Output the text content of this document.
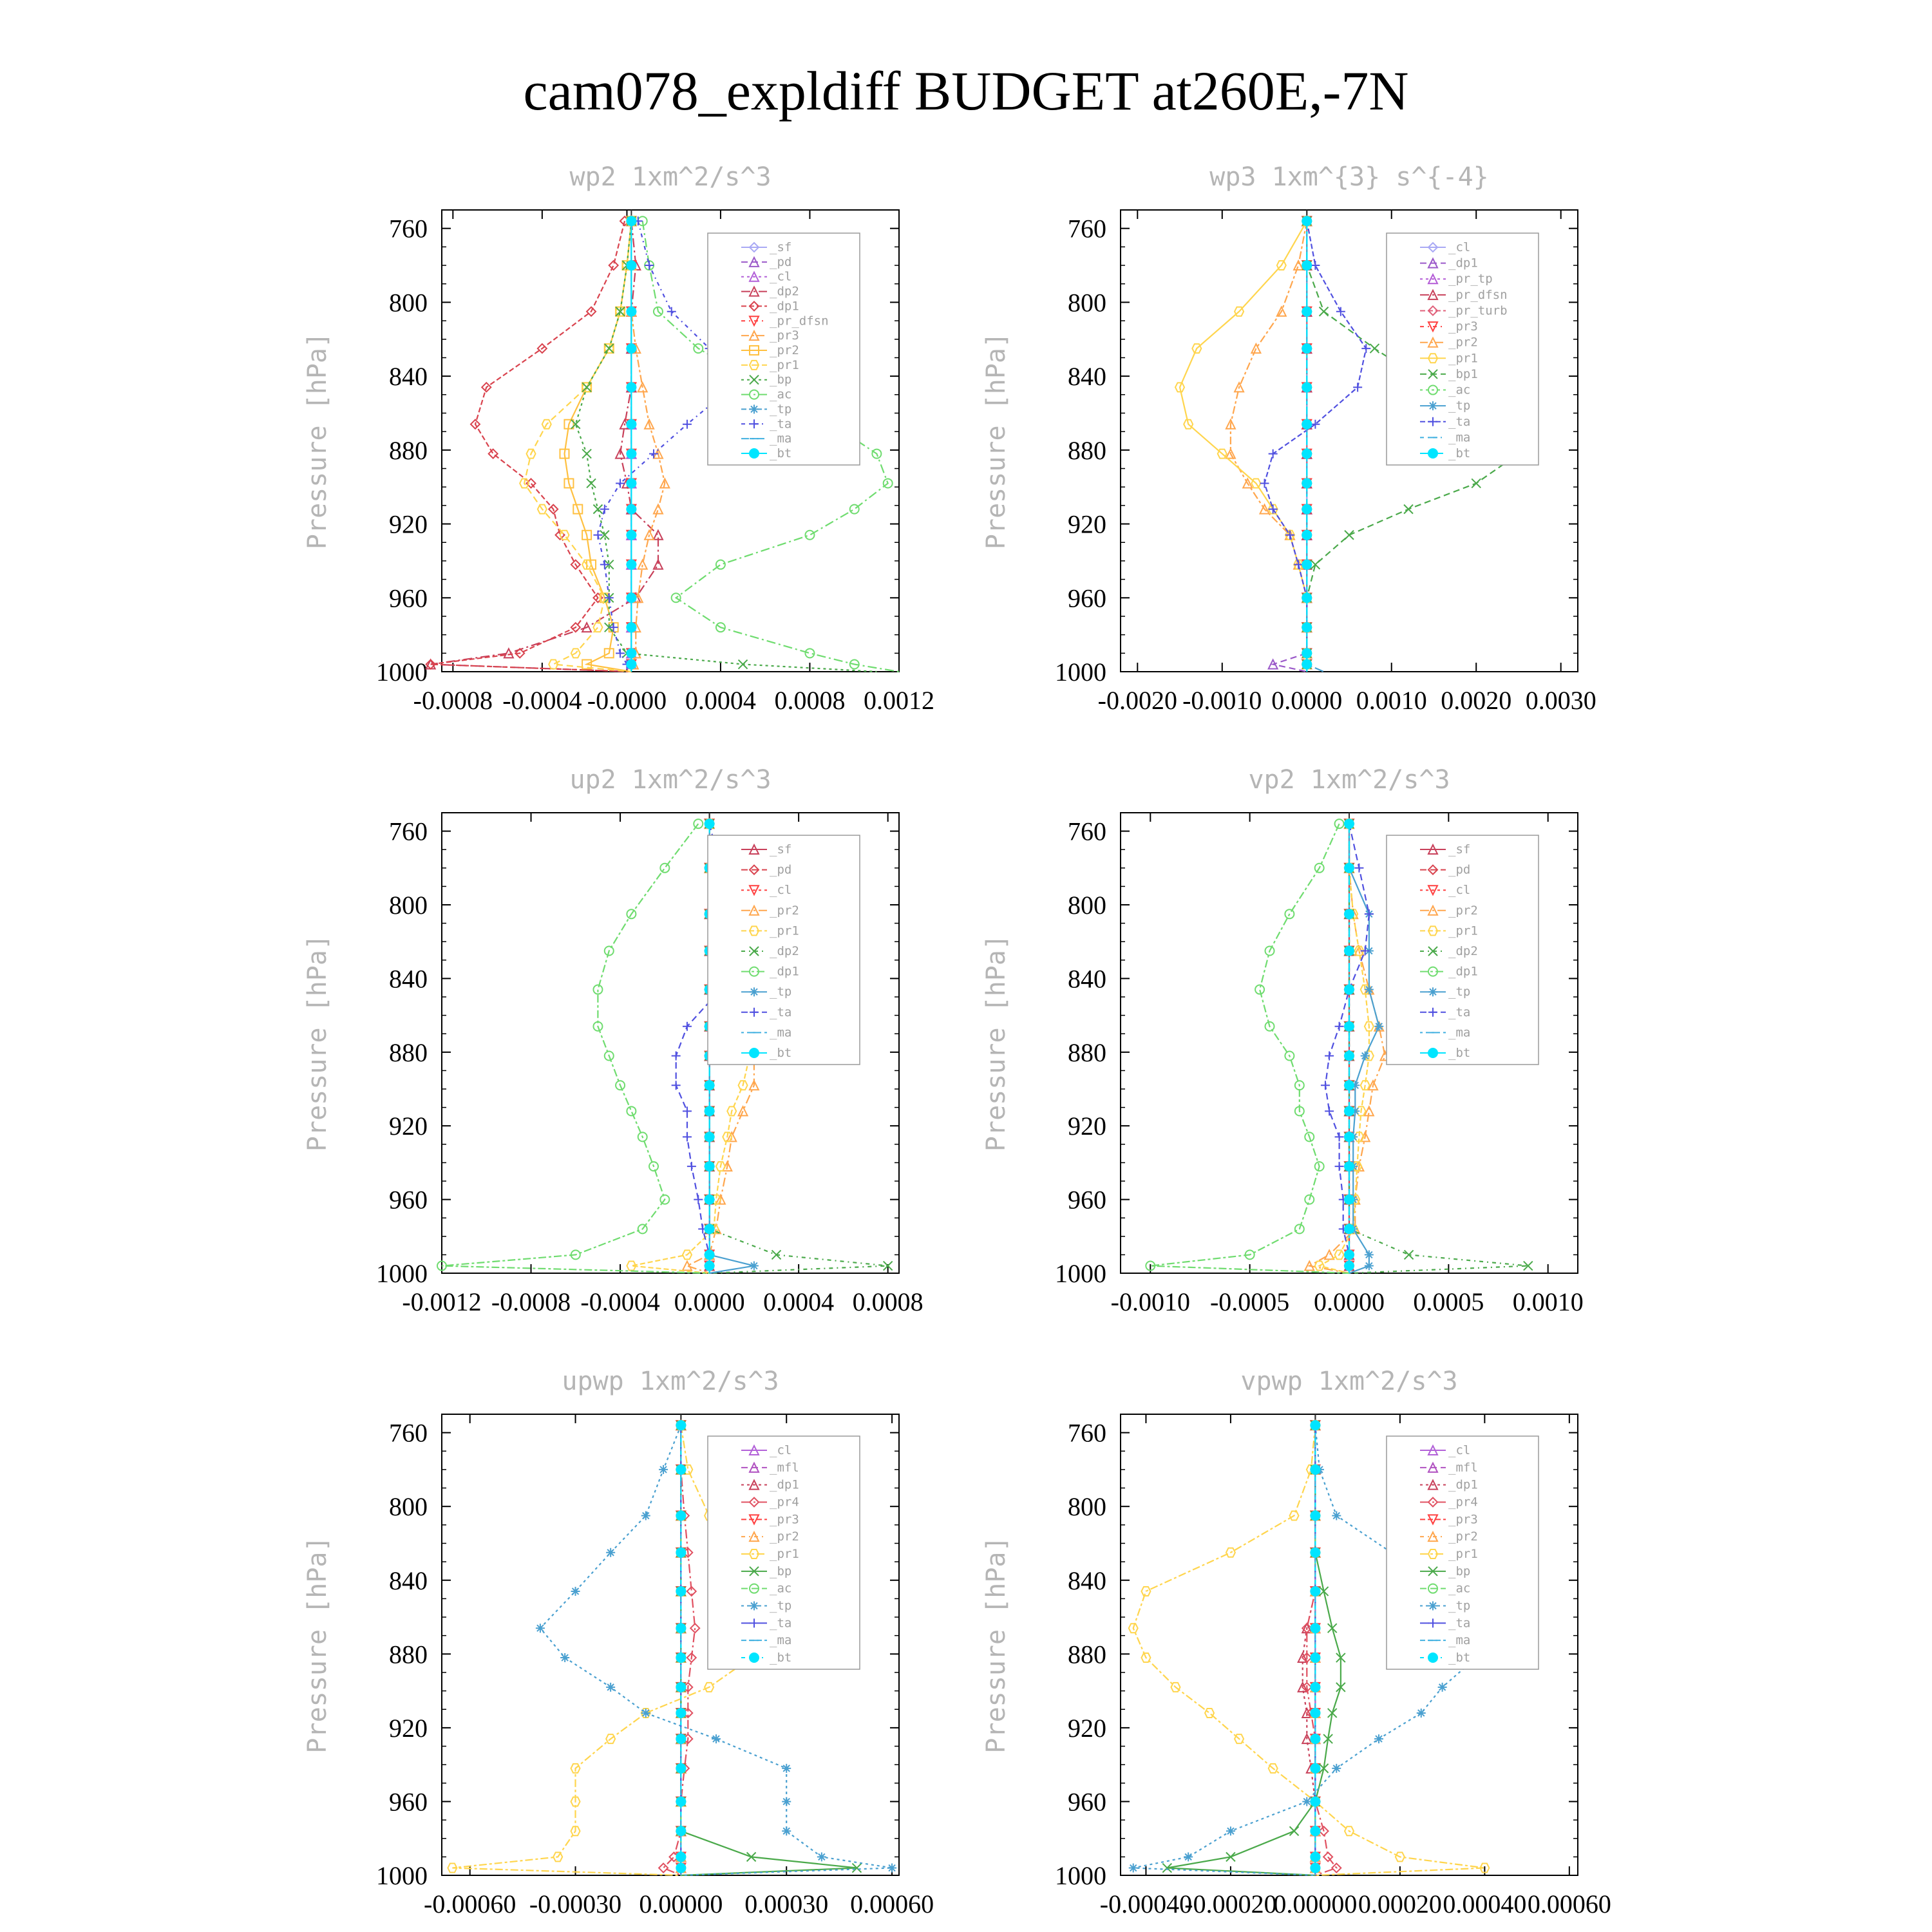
cam078_expldiff BUDGET at260E,-7N
wp2 1xm^2/s^3
Pressure [hPa]
760
800
840
880
920
960
1000
-0.0008 -0.0004 -0.0000 0.0004 0.0008 0.0012
_sf
_pd
_cl
_dp2
_dp1
_pr_dfsn
_pr3
_pr2
_pr1
_bp
_ac
_tp
_ta
_ma
_bt
wp3 1xm^{3} s^{-4}
Pressure [hPa]
760
800
840
880
920
960
1000
-0.0020 -0.0010 0.0000 0.0010 0.0020 0.0030
_cl
_dp1
_pr_tp
_pr_dfsn
_pr_turb
_pr3
_pr2
_pr1
_bp1
_ac
_tp
_ta
_ma
_bt
up2 1xm^2/s^3
Pressure [hPa]
760
800
840
880
920
960
1000
-0.0012 -0.0008 -0.0004 0.0000 0.0004 0.0008
_sf
_pd
_cl
_pr2
_pr1
_dp2
_dp1
_tp
_ta
_ma
_bt
vp2 1xm^2/s^3
Pressure [hPa]
760
800
840
880
920
960
1000
-0.0010 -0.0005 0.0000 0.0005 0.0010
_sf
_pd
_cl
_pr2
_pr1
_dp2
_dp1
_tp
_ta
_ma
_bt
upwp 1xm^2/s^3
Pressure [hPa]
760
800
840
880
920
960
1000
-0.00060 -0.00030 0.00000 0.00030 0.00060
_cl
_mfl
_dp1
_pr4
_pr3
_pr2
_pr1
_bp
_ac
_tp
_ta
_ma
_bt
vpwp 1xm^2/s^3
Pressure [hPa]
760
800
840
880
920
960
1000
-0.00040
-0.00020
0.00000 0.00020 0.00040 0.00060
_cl
_mfl
_dp1
_pr4
_pr3
_pr2
_pr1
_bp
_ac
_tp
_ta
_ma
_bt
